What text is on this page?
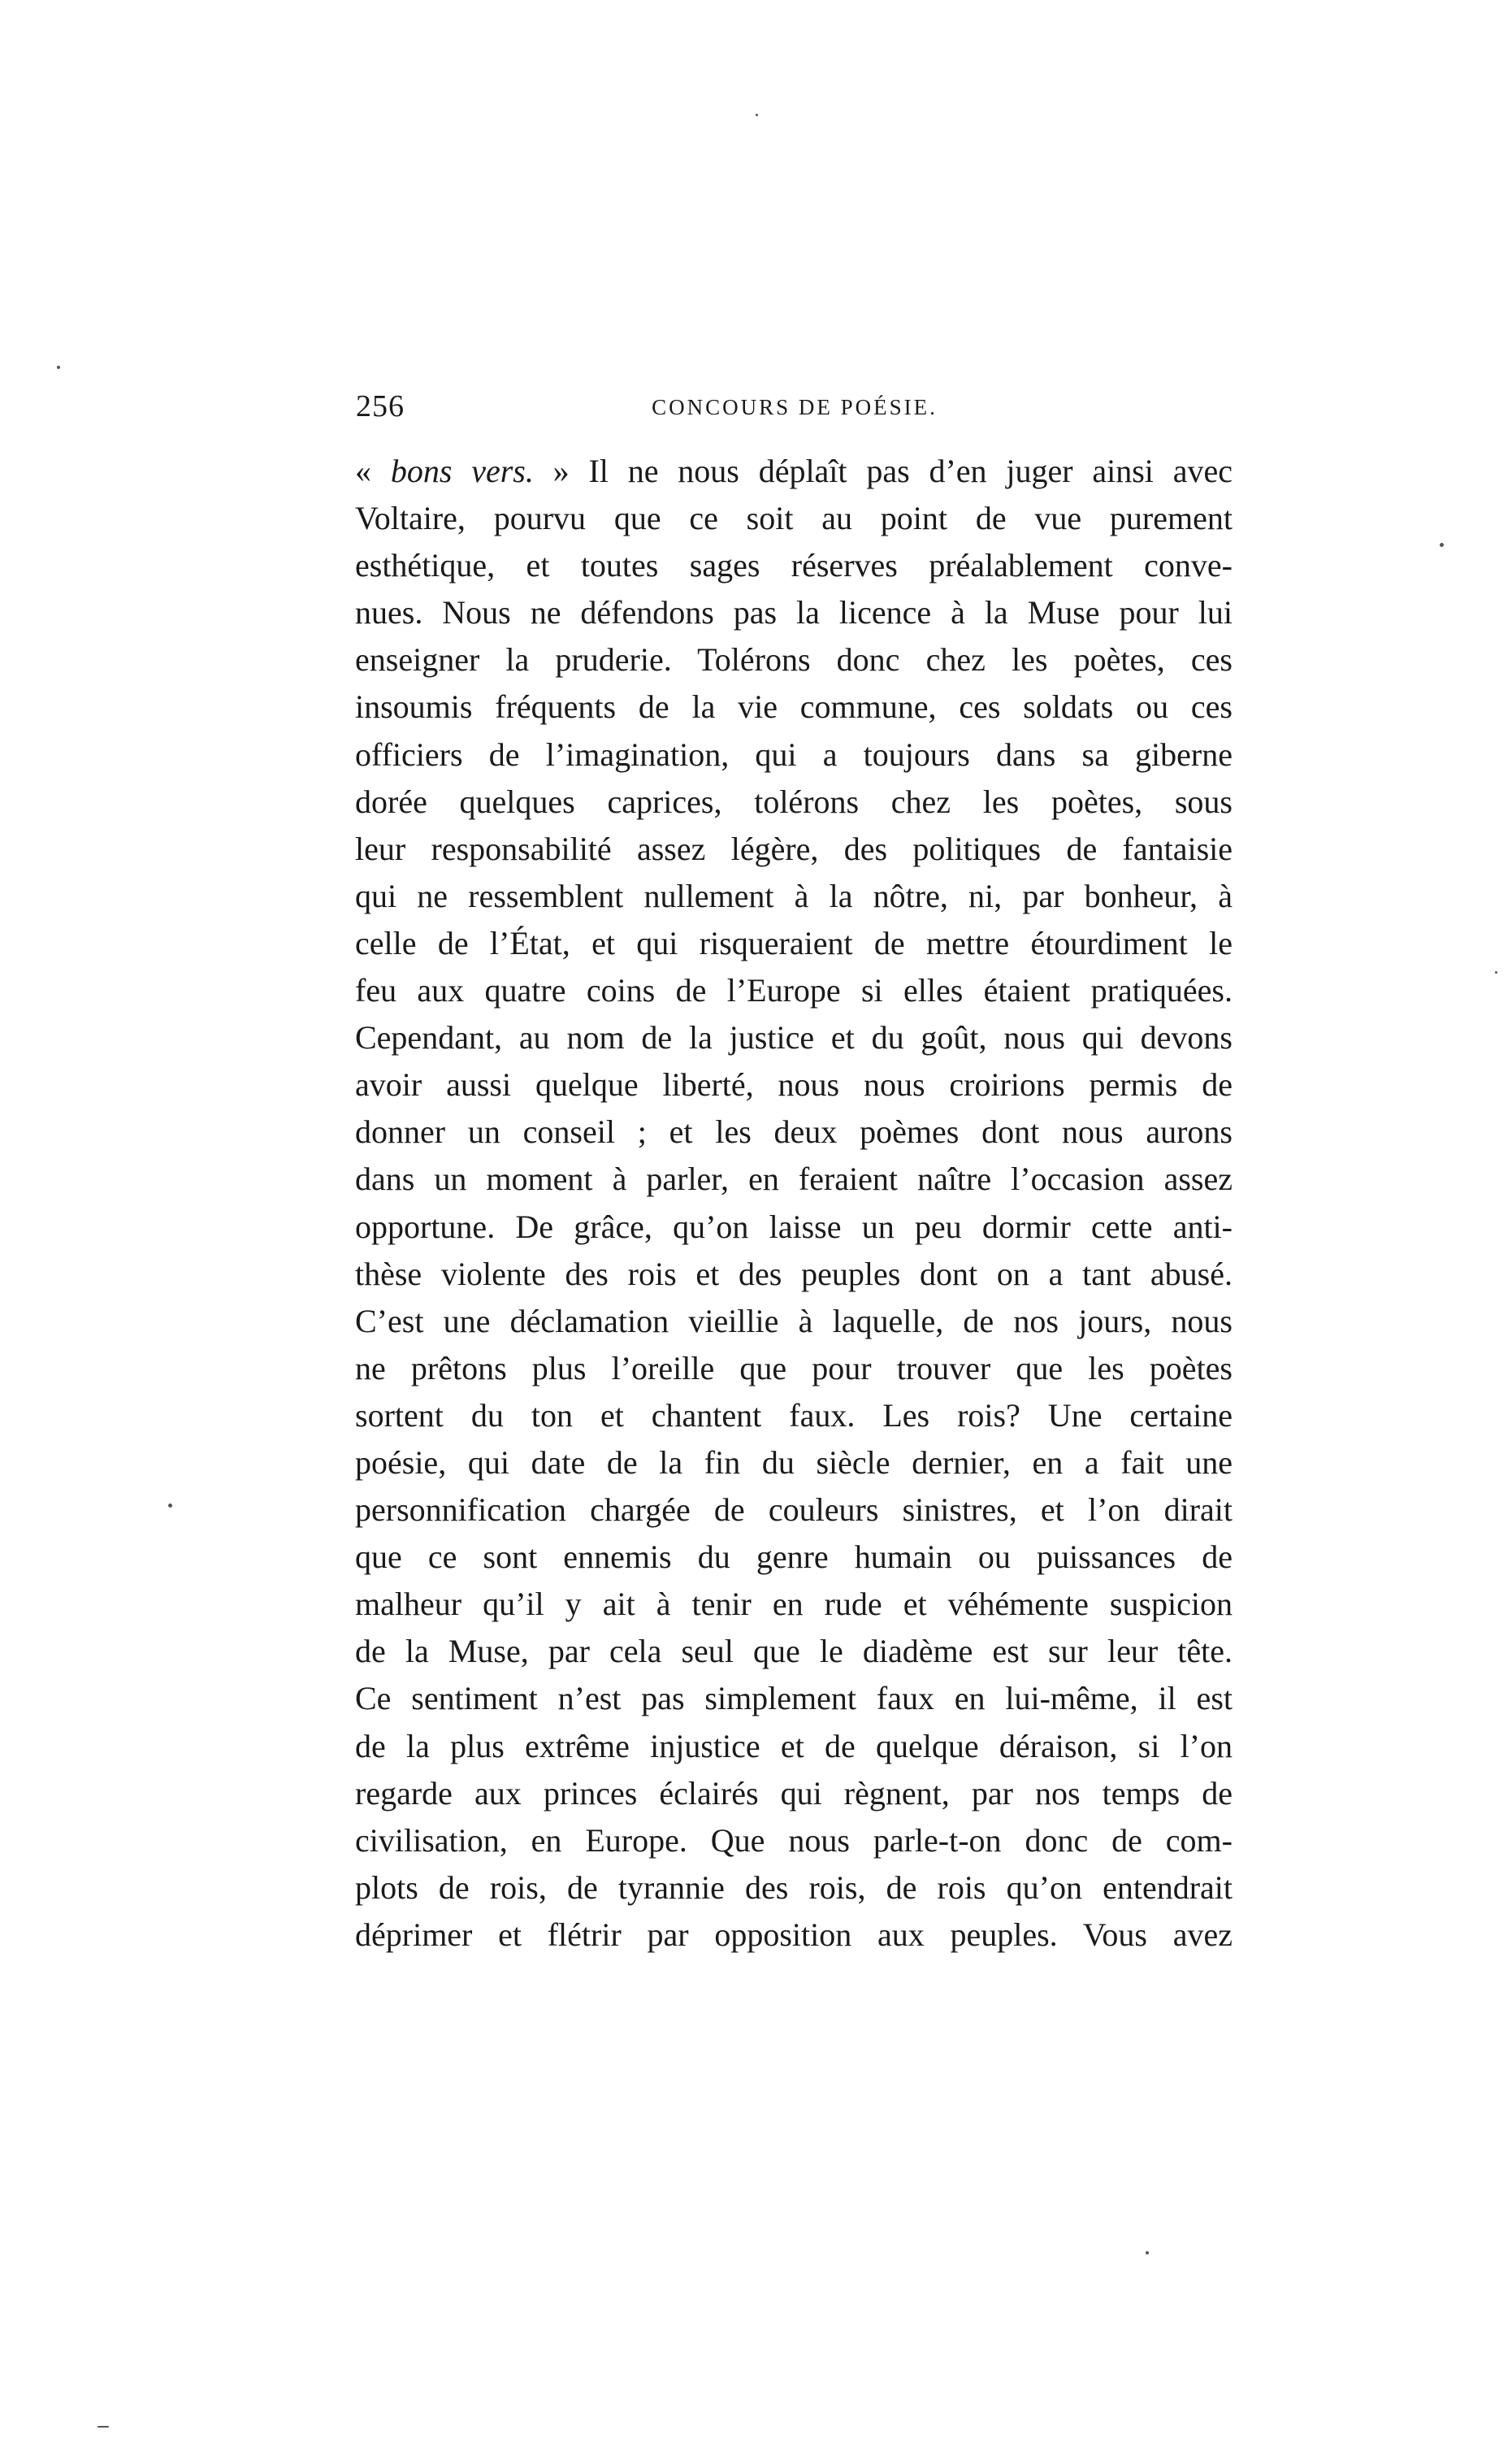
256	CONCOURS DE POÉSIE.
« bons vers. » Il ne nous déplaît pas d’en juger ainsi avec
Voltaire, pourvu que ce soit au point de vue purement
esthétique, et toutes sages réserves préalablement conve-
nues. Nous ne défendons pas la licence à la Muse pour lui
enseigner la pruderie. Tolérons donc chez les poètes, ces
insoumis fréquents de la vie commune, ces soldats ou ces
officiers de l’imagination, qui a toujours dans sa giberne
dorée quelques caprices, tolérons chez les poètes, sous
leur responsabilité assez légère, des politiques de fantaisie
qui ne ressemblent nullement à la nôtre, ni, par bonheur, à
celle de l’État, et qui risqueraient de mettre étourdiment le
feu aux quatre coins de l’Europe si elles étaient pratiquées.
Cependant, au nom de la justice et du goût, nous qui devons
avoir aussi quelque liberté, nous nous croirions permis de
donner un conseil ; et les deux poèmes dont nous aurons
dans un moment à parler, en feraient naître l’occasion assez
opportune. De grâce, qu’on laisse un peu dormir cette anti-
thèse violente des rois et des peuples dont on a tant abusé.
C’est une déclamation vieillie à laquelle, de nos jours, nous
ne prêtons plus l’oreille que pour trouver que les poètes
sortent du ton et chantent faux. Les rois? Une certaine
poésie, qui date de la fin du siècle dernier, en a fait une
personnification chargée de couleurs sinistres, et l’on dirait
que ce sont ennemis du genre humain ou puissances de
malheur qu’il y ait à tenir en rude et véhémente suspicion
de la Muse, par cela seul que le diadème est sur leur tête.
Ce sentiment n’est pas simplement faux en lui-même, il est
de la plus extrême injustice et de quelque déraison, si l’on
regarde aux princes éclairés qui règnent, par nos temps de
civilisation, en Europe. Que nous parle-t-on donc de com-
plots de rois, de tyrannie des rois, de rois qu’on entendrait
déprimer et flétrir par opposition aux peuples. Vous avez
